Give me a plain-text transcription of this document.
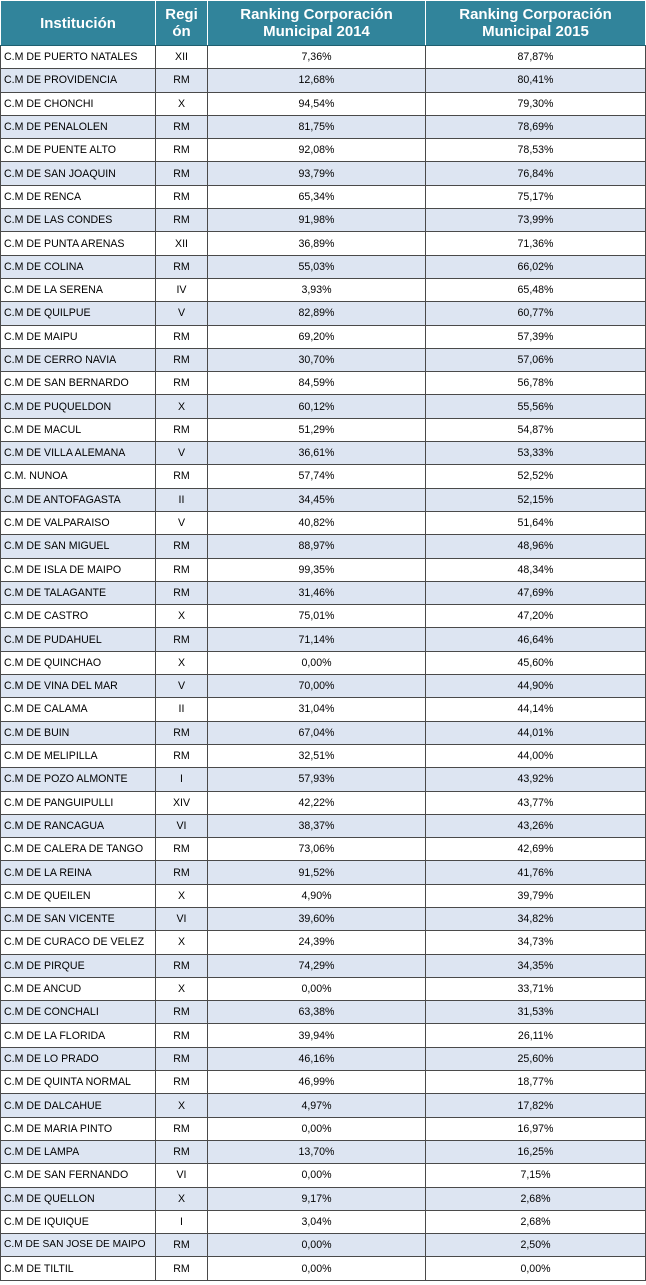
Institución	Regi ón	Ranking Corporación Municipal 2014	Ranking Corporación Municipal 2015
C.M DE PUERTO NATALES	XII	7,36%	87,87%
C.M DE PROVIDENCIA	RM	12,68%	80,41%
C.M DE CHONCHI	X	94,54%	79,30%
C.M DE PENALOLEN	RM	81,75%	78,69%
C.M DE PUENTE ALTO	RM	92,08%	78,53%
C.M DE SAN JOAQUIN	RM	93,79%	76,84%
C.M DE RENCA	RM	65,34%	75,17%
C.M DE LAS CONDES	RM	91,98%	73,99%
C.M DE PUNTA ARENAS	XII	36,89%	71,36%
C.M DE COLINA	RM	55,03%	66,02%
C.M DE LA SERENA	IV	3,93%	65,48%
C.M DE QUILPUE	V	82,89%	60,77%
C.M DE MAIPU	RM	69,20%	57,39%
C.M DE CERRO NAVIA	RM	30,70%	57,06%
C.M DE SAN BERNARDO	RM	84,59%	56,78%
C.M DE PUQUELDON	X	60,12%	55,56%
C.M DE MACUL	RM	51,29%	54,87%
C.M DE VILLA ALEMANA	V	36,61%	53,33%
C.M. NUNOA	RM	57,74%	52,52%
C.M DE ANTOFAGASTA	II	34,45%	52,15%
C.M DE VALPARAISO	V	40,82%	51,64%
C.M DE SAN MIGUEL	RM	88,97%	48,96%
C.M DE ISLA DE MAIPO	RM	99,35%	48,34%
C.M DE TALAGANTE	RM	31,46%	47,69%
C.M DE CASTRO	X	75,01%	47,20%
C.M DE PUDAHUEL	RM	71,14%	46,64%
C.M DE QUINCHAO	X	0,00%	45,60%
C.M DE VINA DEL MAR	V	70,00%	44,90%
C.M DE CALAMA	II	31,04%	44,14%
C.M DE BUIN	RM	67,04%	44,01%
C.M DE MELIPILLA	RM	32,51%	44,00%
C.M DE POZO ALMONTE	I	57,93%	43,92%
C.M DE PANGUIPULLI	XIV	42,22%	43,77%
C.M DE RANCAGUA	VI	38,37%	43,26%
C.M DE CALERA DE TANGO	RM	73,06%	42,69%
C.M DE LA REINA	RM	91,52%	41,76%
C.M DE QUEILEN	X	4,90%	39,79%
C.M DE SAN VICENTE	VI	39,60%	34,82%
C.M DE CURACO DE VELEZ	X	24,39%	34,73%
C.M DE PIRQUE	RM	74,29%	34,35%
C.M DE ANCUD	X	0,00%	33,71%
C.M DE CONCHALI	RM	63,38%	31,53%
C.M DE LA FLORIDA	RM	39,94%	26,11%
C.M DE LO PRADO	RM	46,16%	25,60%
C.M DE QUINTA NORMAL	RM	46,99%	18,77%
C.M DE DALCAHUE	X	4,97%	17,82%
C.M DE MARIA PINTO	RM	0,00%	16,97%
C.M DE LAMPA	RM	13,70%	16,25%
C.M DE SAN FERNANDO	VI	0,00%	7,15%
C.M DE QUELLON	X	9,17%	2,68%
C.M DE IQUIQUE	I	3,04%	2,68%
C.M DE SAN JOSE DE MAIPO	RM	0,00%	2,50%
C.M DE TILTIL	RM	0,00%	0,00%
